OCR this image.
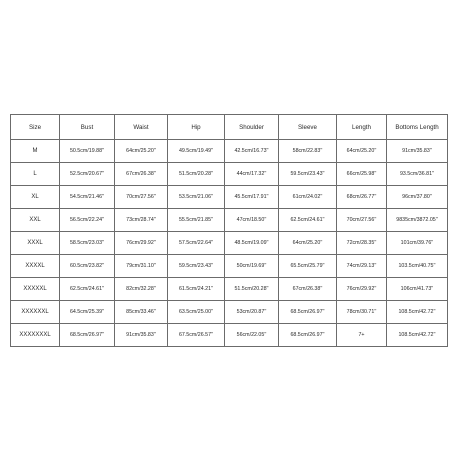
Size	Bust	Waist	Hip	Shoulder	Sleeve	Length	Bottoms Length
M	50.5cm/19.88''	64cm/25.20''	49.5cm/19.49''	42.5cm/16.73''	58cm/22.83''	64cm/25.20''	91cm/35.83''
L	52.5cm/20.67''	67cm/26.38''	51.5cm/20.28''	44cm/17.32''	59.5cm/23.43''	66cm/25.98''	93.5cm/36.81''
XL	54.5cm/21.46''	70cm/27.56''	53.5cm/21.06''	45.5cm/17.91''	61cm/24.02''	68cm/26.77''	96cm/37.80''
XXL	56.5cm/22.24''	73cm/28.74''	55.5cm/21.85''	47cm/18.50''	62.5cm/24.61''	70cm/27.56''	9835cm/3872.05''
XXXL	58.5cm/23.03''	76cm/29.92''	57.5cm/22.64''	48.5cm/19.09''	64cm/25.20''	72cm/28.35''	101cm/39.76''
XXXXL	60.5cm/23.82''	79cm/31.10''	59.5cm/23.43''	50cm/19.69''	65.5cm/25.79''	74cm/29.13''	103.5cm/40.75''
XXXXXL	62.5cm/24.61''	82cm/32.28''	61.5cm/24.21''	51.5cm/20.28''	67cm/26.38''	76cm/29.92''	106cm/41.73''
XXXXXXL	64.5cm/25.39''	85cm/33.46''	63.5cm/25.00''	53cm/20.87''	68.5cm/26.97''	78cm/30.71''	108.5cm/42.72''
XXXXXXXL	68.5cm/26.97''	91cm/35.83''	67.5cm/26.57''	56cm/22.05''	68.5cm/26.97''	7+	108.5cm/42.72''
